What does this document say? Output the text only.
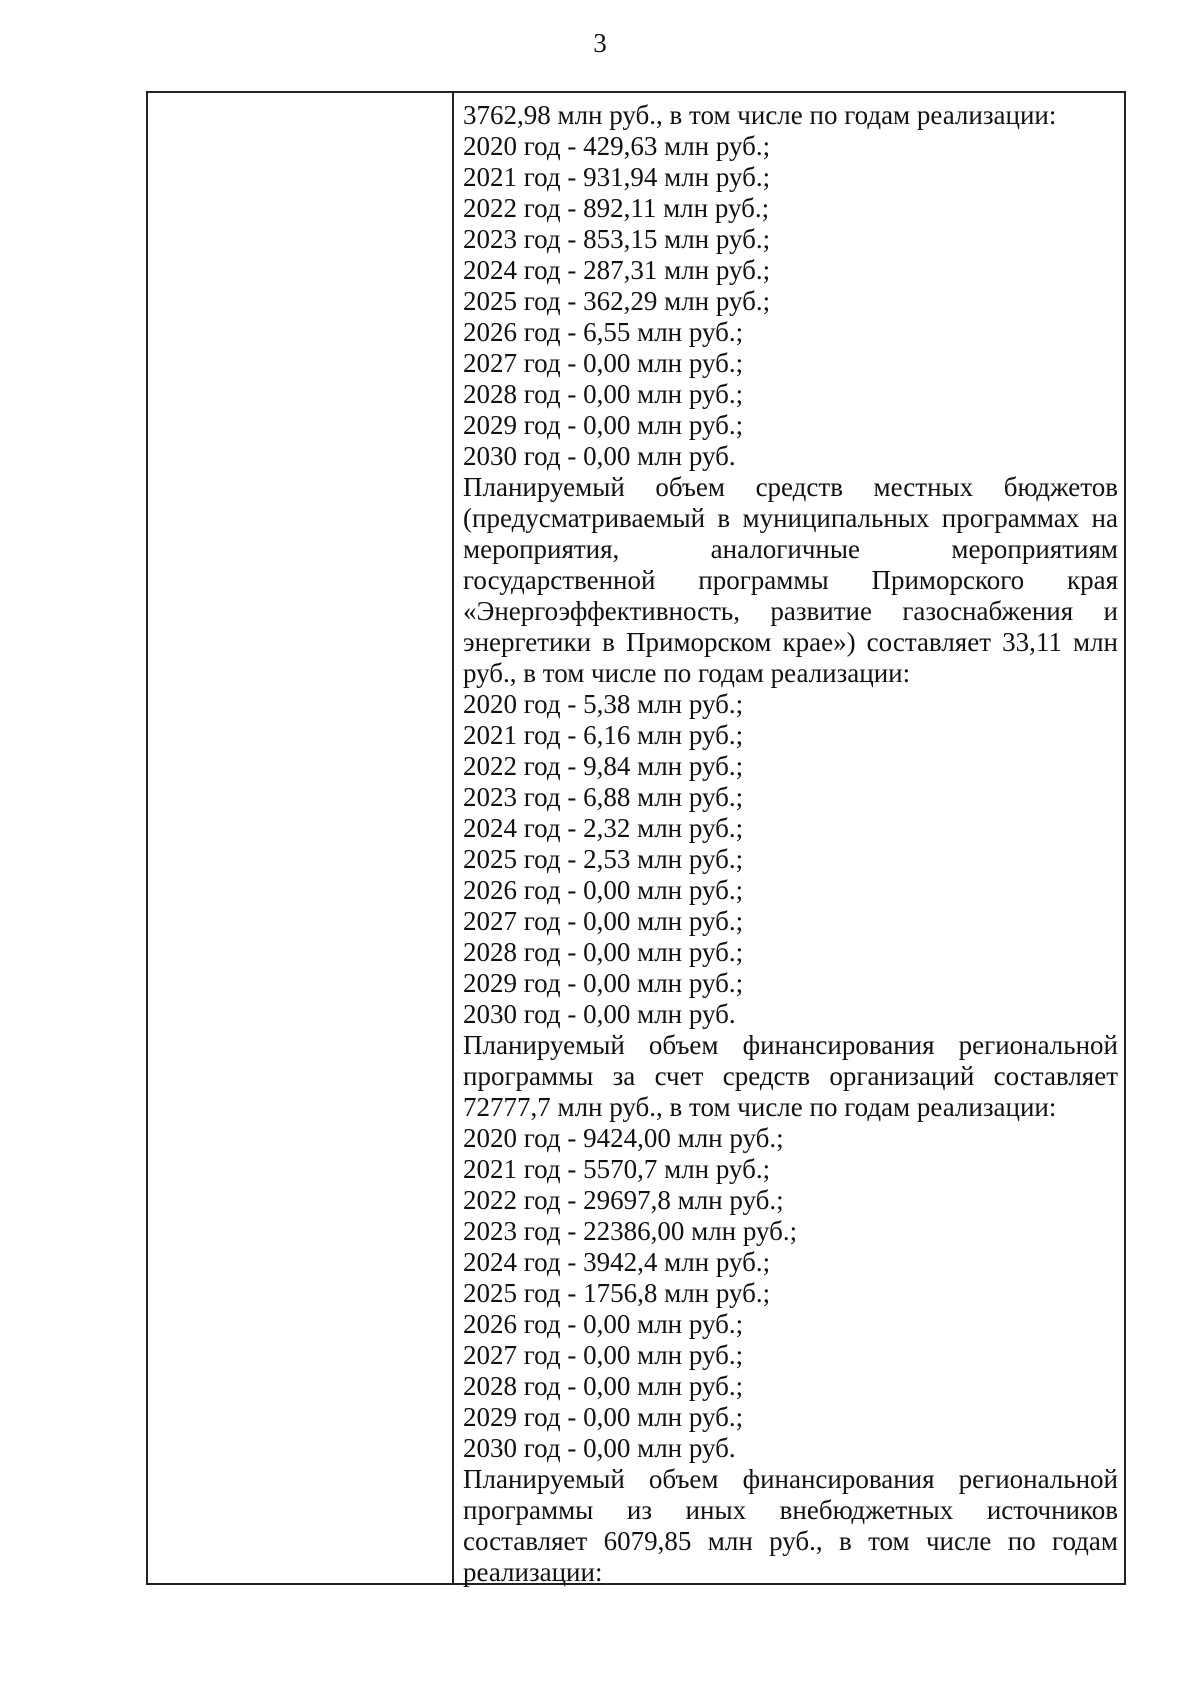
3
3762,98 млн руб., в том числе по годам реализации:
2020 год - 429,63 млн руб.;
2021 год - 931,94 млн руб.;
2022 год - 892,11 млн руб.;
2023 год - 853,15 млн руб.;
2024 год - 287,31 млн руб.;
2025 год - 362,29 млн руб.;
2026 год - 6,55 млн руб.;
2027 год - 0,00 млн руб.;
2028 год - 0,00 млн руб.;
2029 год - 0,00 млн руб.;
2030 год - 0,00 млн руб.
Планируемый объем средств местных бюджетов
(предусматриваемый в муниципальных программах на
мероприятия, аналогичные мероприятиям
государственной программы Приморского края
«Энергоэффективность, развитие газоснабжения и
энергетики в Приморском крае») составляет 33,11 млн
руб., в том числе по годам реализации:
2020 год - 5,38 млн руб.;
2021 год - 6,16 млн руб.;
2022 год - 9,84 млн руб.;
2023 год - 6,88 млн руб.;
2024 год - 2,32 млн руб.;
2025 год - 2,53 млн руб.;
2026 год - 0,00 млн руб.;
2027 год - 0,00 млн руб.;
2028 год - 0,00 млн руб.;
2029 год - 0,00 млн руб.;
2030 год - 0,00 млн руб.
Планируемый объем финансирования региональной
программы за счет средств организаций составляет
72777,7 млн руб., в том числе по годам реализации:
2020 год - 9424,00 млн руб.;
2021 год - 5570,7 млн руб.;
2022 год - 29697,8 млн руб.;
2023 год - 22386,00 млн руб.;
2024 год - 3942,4 млн руб.;
2025 год - 1756,8 млн руб.;
2026 год - 0,00 млн руб.;
2027 год - 0,00 млн руб.;
2028 год - 0,00 млн руб.;
2029 год - 0,00 млн руб.;
2030 год - 0,00 млн руб.
Планируемый объем финансирования региональной
программы из иных внебюджетных источников
составляет 6079,85 млн руб., в том числе по годам
реализации:
